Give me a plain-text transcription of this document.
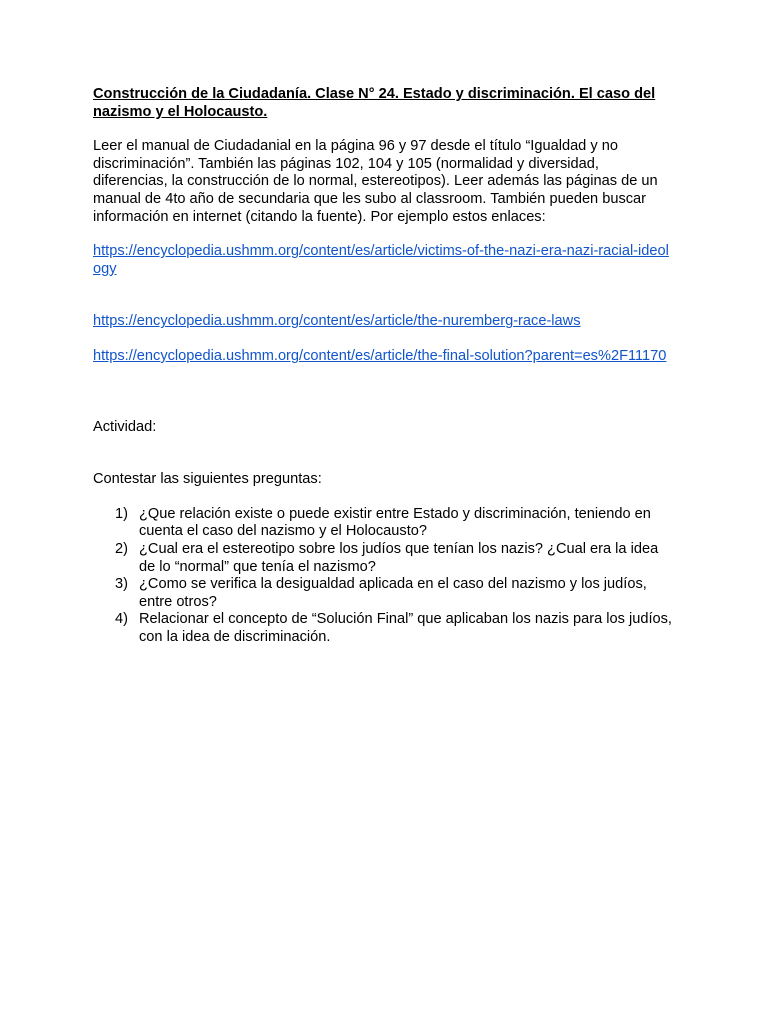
Construcción de la Ciudadanía. Clase N° 24. Estado y discriminación. El caso del nazismo y el Holocausto.

Leer el manual de Ciudadanial en la página 96 y 97 desde el título “Igualdad y no discriminación”. También las páginas 102, 104 y 105 (normalidad y diversidad, diferencias, la construcción de lo normal, estereotipos). Leer además las páginas de un manual de 4to año de secundaria que les subo al classroom. También pueden buscar información en internet (citando la fuente). Por ejemplo estos enlaces:

https://encyclopedia.ushmm.org/content/es/article/victims-of-the-nazi-era-nazi-racial-ideology
https://encyclopedia.ushmm.org/content/es/article/the-nuremberg-race-laws
https://encyclopedia.ushmm.org/content/es/article/the-final-solution?parent=es%2F11170

Actividad:

Contestar las siguientes preguntas:

1) ¿Que relación existe o puede existir entre Estado y discriminación, teniendo en cuenta el caso del nazismo y el Holocausto?
2) ¿Cual era el estereotipo sobre los judíos que tenían los nazis? ¿Cual era la idea de lo “normal” que tenía el nazismo?
3) ¿Como se verifica la desigualdad aplicada en el caso del nazismo y los judíos, entre otros?
4) Relacionar el concepto de “Solución Final” que aplicaban los nazis para los judíos, con la idea de discriminación.
